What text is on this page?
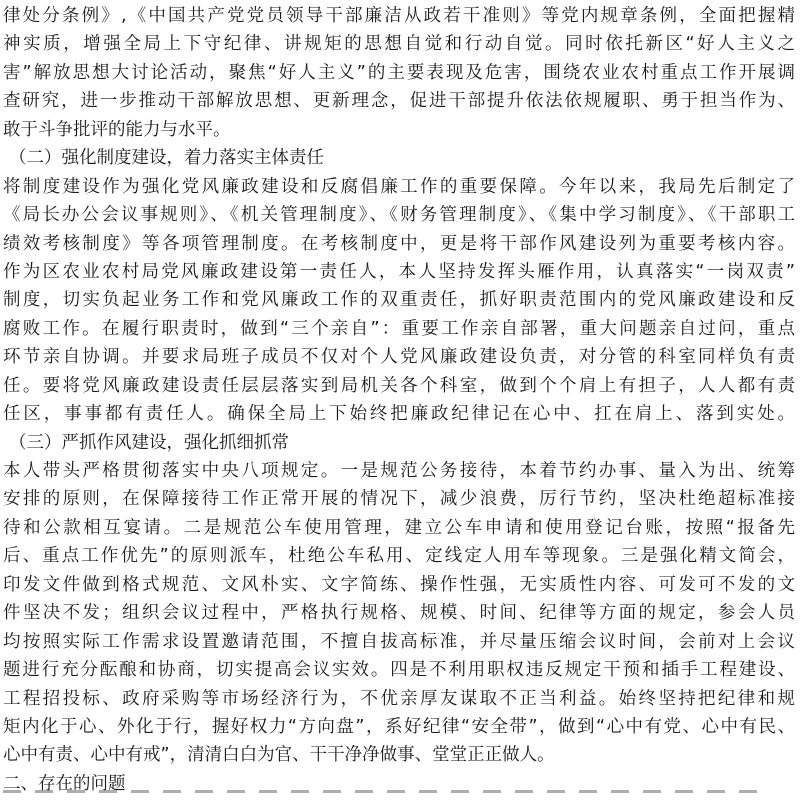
律处分条例》,《中国共产党党员领导干部廉洁从政若干准则》等党内规章条例，全面把握精
神实质，增强全局上下守纪律、讲规矩的思想自觉和行动自觉。同时依托新区“好人主义之
害”解放思想大讨论活动，聚焦“好人主义”的主要表现及危害，围绕农业农村重点工作开展调
查研究，进一步推动干部解放思想、更新理念，促进干部提升依法依规履职、勇于担当作为、
敢于斗争批评的能力与水平。
（二）强化制度建设，着力落实主体责任
将制度建设作为强化党风廉政建设和反腐倡廉工作的重要保障。今年以来，我局先后制定了
《局长办公会议事规则》、《机关管理制度》、《财务管理制度》、《集中学习制度》、《干部职工
绩效考核制度》等各项管理制度。在考核制度中，更是将干部作风建设列为重要考核内容。
作为区农业农村局党风廉政建设第一责任人，本人坚持发挥头雁作用，认真落实“一岗双责”
制度，切实负起业务工作和党风廉政工作的双重责任，抓好职责范围内的党风廉政建设和反
腐败工作。在履行职责时，做到“三个亲自”：重要工作亲自部署，重大问题亲自过问，重点
环节亲自协调。并要求局班子成员不仅对个人党风廉政建设负责，对分管的科室同样负有责
任。要将党风廉政建设责任层层落实到局机关各个科室，做到个个肩上有担子，人人都有责
任区，事事都有责任人。确保全局上下始终把廉政纪律记在心中、扛在肩上、落到实处。
（三）严抓作风建设，强化抓细抓常
本人带头严格贯彻落实中央八项规定。一是规范公务接待，本着节约办事、量入为出、统筹
安排的原则，在保障接待工作正常开展的情况下，减少浪费，厉行节约，坚决杜绝超标准接
待和公款相互宴请。二是规范公车使用管理，建立公车申请和使用登记台账，按照“报备先
后、重点工作优先”的原则派车，杜绝公车私用、定线定人用车等现象。三是强化精文简会，
印发文件做到格式规范、文风朴实、文字简练、操作性强，无实质性内容、可发可不发的文
件坚决不发；组织会议过程中，严格执行规格、规模、时间、纪律等方面的规定，参会人员
均按照实际工作需求设置邀请范围，不擅自拔高标准，并尽量压缩会议时间，会前对上会议
题进行充分酝酿和协商，切实提高会议实效。四是不利用职权违反规定干预和插手工程建设、
工程招投标、政府采购等市场经济行为，不优亲厚友谋取不正当利益。始终坚持把纪律和规
矩内化于心、外化于行，握好权力“方向盘”，系好纪律“安全带”，做到“心中有党、心中有民、
心中有责、心中有戒”，清清白白为官、干干净净做事、堂堂正正做人。
二、存在的问题
